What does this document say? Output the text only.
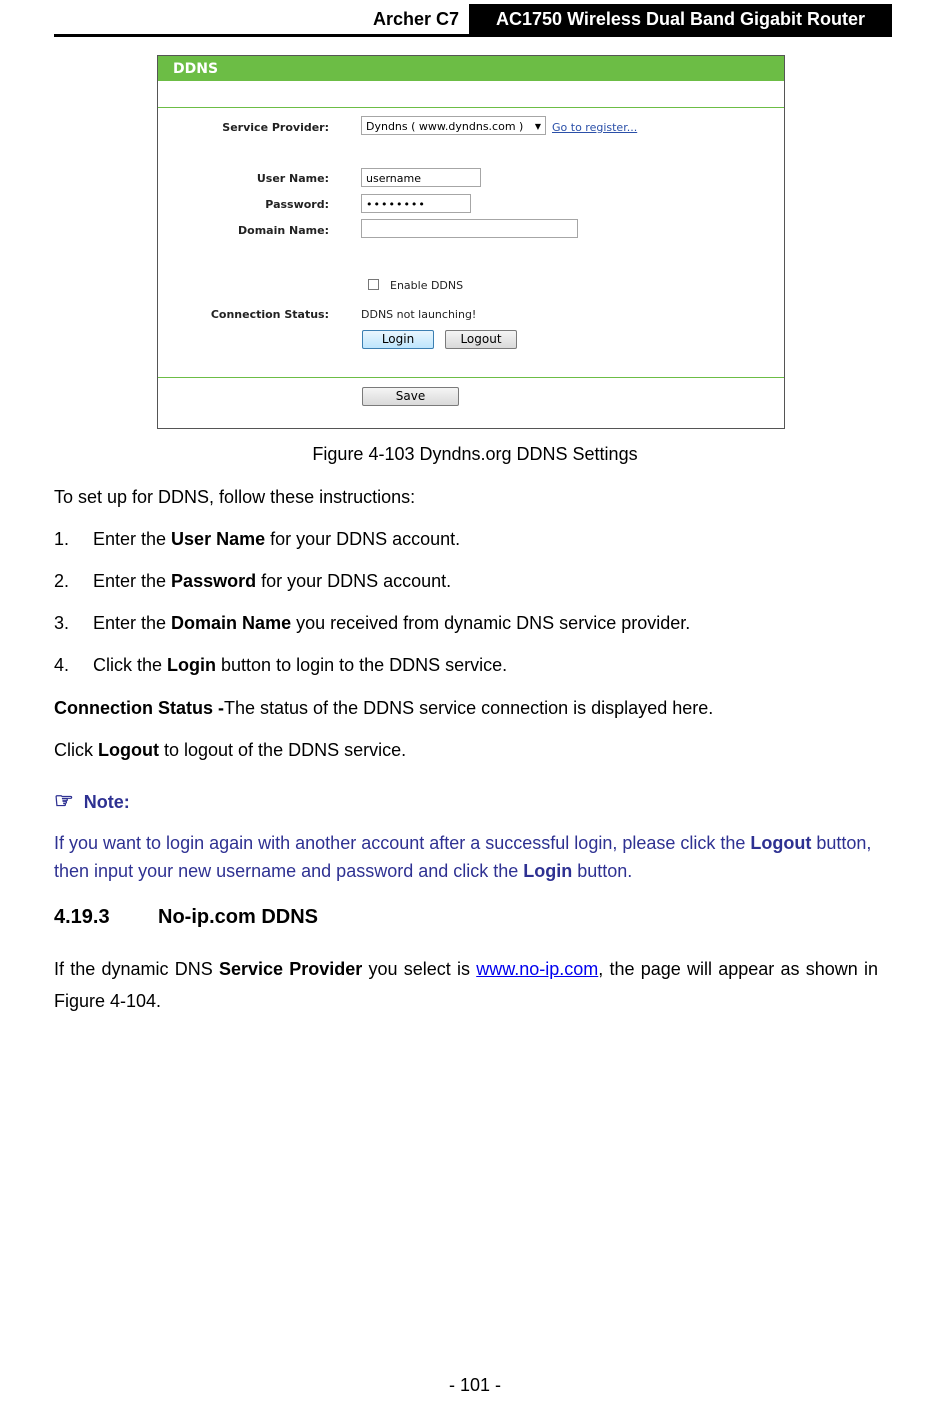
Archer C7	AC1750 Wireless Dual Band Gigabit Router
DDNS
Service Provider:	Dyndns ( www.dyndns.com ) ▼ Go to register...
User Name:	username
Password:	••••••••
Domain Name:
Enable DDNS
Connection Status:	DDNS not launching!
Login	Logout
Save
Figure 4-103 Dyndns.org DDNS Settings
To set up for DDNS, follow these instructions:
1. Enter the User Name for your DDNS account.
2. Enter the Password for your DDNS account.
3. Enter the Domain Name you received from dynamic DNS service provider.
4. Click the Login button to login to the DDNS service.
Connection Status -The status of the DDNS service connection is displayed here.
Click Logout to logout of the DDNS service.
☞ Note:
If you want to login again with another account after a successful login, please click the Logout button, then input your new username and password and click the Login button.
4.19.3 No-ip.com DDNS
If the dynamic DNS Service Provider you select is www.no-ip.com, the page will appear as shown in Figure 4-104.
- 101 -
